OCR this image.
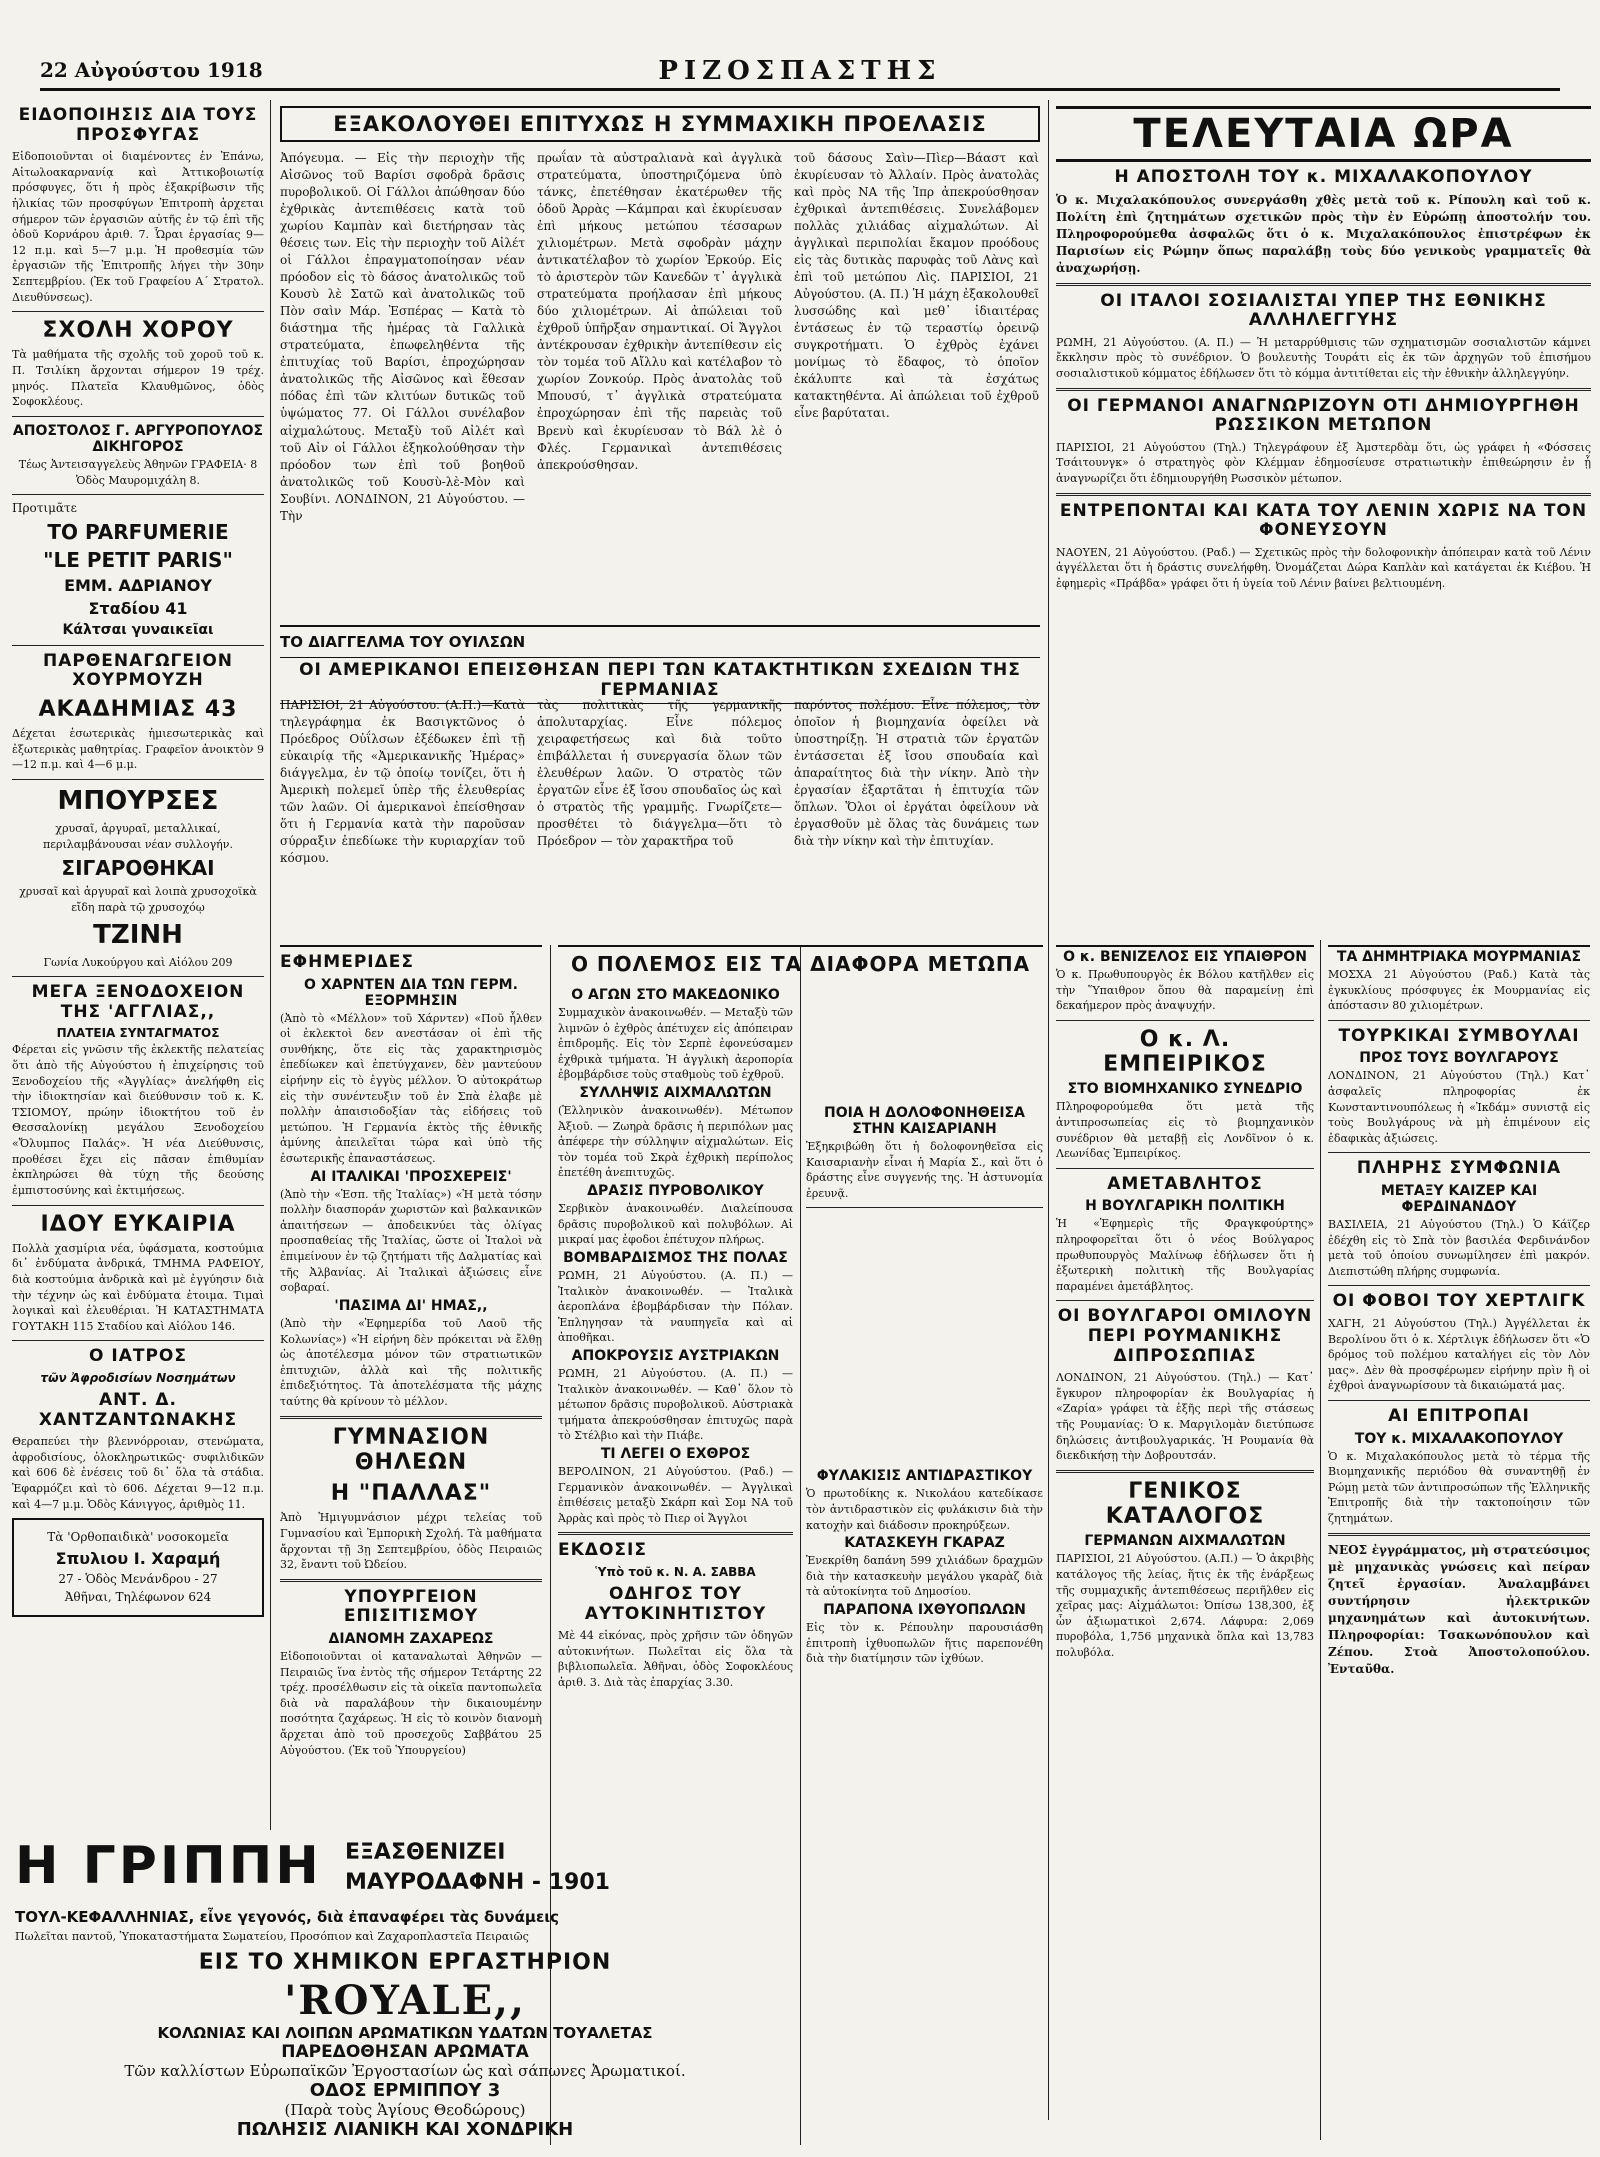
22 Αὐγούστου 1918	ΡΙΖΟΣΠΑΣΤΗΣ
ΕΙΔΟΠΟΙΗΣΙΣ ΔΙΑ ΤΟΥΣ ΠΡΟΣΦΥΓΑΣ

Εἰδοποιοῦνται οἱ διαμένοντες ἐν Ἐπάνω, Αἰτωλοακαρνανίᾳ καὶ Ἀττικοβοιωτίᾳ πρόσφυγες, ὅτι ἡ πρὸς ἐξακρίβωσιν τῆς ἡλικίας τῶν προσφύγων Ἐπιτροπὴ ἀρχεται σήμερον τῶν ἐργασιῶν αὐτῆς ἐν τῷ ἐπὶ τῆς ὁδοῦ Κορνάρου ἀριθ. 7. Ὧραι ἐργασίας 9—12 π.μ. καὶ 5—7 μ.μ. Ἡ προθεσμία τῶν ἐργασιῶν τῆς Ἐπιτροπῆς λήγει τὴν 30ην Σεπτεμβρίου. (Ἐκ τοῦ Γραφείου Α΄ Στρατολ. Διευθύνσεως).

ΣΧΟΛΗ ΧΟΡΟΥ

Τὰ μαθήματα τῆς σχολῆς τοῦ χοροῦ τοῦ κ. Π. Τσιλίκη ἄρχονται σήμερον 19 τρέχ. μηνός. Πλατεῖα Κλαυθμῶνος, ὁδὸς Σοφοκλέους.

ΑΠΟΣΤΟΛΟΣ Γ. ΑΡΓΥΡΟΠΟΥΛΟΣ ΔΙΚΗΓΟΡΟΣ

Τέως Ἀντεισαγγελεὺς Ἀθηνῶν ΓΡΑΦΕΙΑ· 8 Ὁδὸς Μαυρομιχάλη 8.

Προτιμᾶτε
ΤΟ PARFUMERIE
"LE PETIT PARIS"
ΕΜΜ. ΑΔΡΙΑΝΟΥ
Σταδίου 41
Κάλτσαι γυναικεῖαι
ΠΑΡΘΕΝΑΓΩΓΕΙΟΝ ΧΟΥΡΜΟΥΖΗ
ΑΚΑΔΗΜΙΑΣ 43

Δέχεται ἐσωτερικὰς ἡμιεσωτερικὰς καὶ ἐξωτερικὰς μαθητρίας. Γραφεῖον ἀνοικτὸν 9—12 π.μ. καὶ 4—6 μ.μ.

ΜΠΟΥΡΣΕΣ

χρυσαῖ, ἀργυραῖ, μεταλλικαί, περιλαμβάνουσαι νέαν συλλογήν.

ΣΙΓΑΡΟΘΗΚΑΙ

χρυσαῖ καὶ ἀργυραῖ καὶ λοιπὰ χρυσοχοϊκὰ εἴδη παρὰ τῷ χρυσοχόῳ

ΤΖΙΝΗ

Γωνία Λυκούργου καὶ Αἰόλου 209

ΜΕΓΑ ΞΕΝΟΔΟΧΕΙΟΝ ΤΗΣ 'ΑΓΓΛΙΑΣ,,
ΠΛΑΤΕΙΑ ΣΥΝΤΑΓΜΑΤΟΣ

Φέρεται εἰς γνῶσιν τῆς ἐκλεκτῆς πελατείας ὅτι ἀπὸ τῆς Αὐγούστου ἡ ἐπιχείρησις τοῦ Ξενοδοχείου τῆς «Ἀγγλίας» ἀνελήφθη εἰς τὴν ἰδιοκτησίαν καὶ διεύθυνσιν τοῦ κ. Κ. ΤΣΙΟΜΟΥ, πρώην ἰδιοκτήτου τοῦ ἐν Θεσσαλονίκῃ μεγάλου Ξενοδοχείου «Ὄλυμπος Παλάς». Ἡ νέα Διεύθυνσις, προθέσει ἔχει εἰς πᾶσαν ἐπιθυμίαν ἐκπληρώσει θὰ τύχη τῆς δεούσης ἐμπιστοσύνης καὶ ἐκτιμήσεως.

ΙΔΟΥ ΕΥΚΑΙΡΙΑ

Πολλὰ χασμίρια νέα, ὑφάσματα, κοστούμια δι᾽ ἐνδύματα ἀνδρικά, ΤΜΗΜΑ ΡΑΦΕΙΟΥ, διὰ κοστούμια ἀνδρικὰ καὶ μὲ ἐγγύησιν διὰ τὴν τέχνην ὡς καὶ ἐνδύματα ἐτοιμα. Τιμαὶ λογικαὶ καὶ ἐλευθέριαι. Ἡ ΚΑΤΑΣΤΗΜΑΤΑ ΓΟΥΤΑΚΗ 115 Σταδίου καὶ Αἰόλου 146.

Ο ΙΑΤΡΟΣ
τῶν Ἀφροδισίων Νοσημάτων
ΑΝΤ. Δ. ΧΑΝΤΖΑΝΤΩΝΑΚΗΣ

Θεραπεύει τὴν βλεννόρροιαν, στενώματα, ἀφροδισίους, ὁλοκληρωτικῶς· συφιλιδικῶν καὶ 606 δὲ ἐνέσεις τοῦ δι᾽ ὅλα τὰ στάδια. Ἐφαρμόζει καὶ τὸ 606. Δέχεται 9—12 π.μ. καὶ 4—7 μ.μ. Ὁδὸς Κάνιγγος, ἀριθμὸς 11.

Τὰ 'Ορθοπαιδικὰ' νοσοκομεῖα
Σπυλιου Ι. Χαραμή
27 - Ὁδὸς Μενάνδρου - 27
Ἀθῆναι, Τηλέφωνον 624
Η ΓΡΙΠΠΗ ΕΞΑΣΘΕΝΙΖΕΙ
ΜΑΥΡΟΔΑΦΝΗ - 1901
ΤΟΥΛ-ΚΕΦΑΛΛΗΝΙΑΣ, εἶνε γεγονός, διὰ ἐπαναφέρει τὰς δυνάμεις
Πωλεῖται παντοῦ, Ὑποκαταστήματα Σωματείου, Προσόπιον καὶ Ζαχαροπλαστεῖα Πειραιῶς
ΕΙΣ ΤΟ ΧΗΜΙΚΟΝ ΕΡΓΑΣΤΗΡΙΟΝ
'ROYALE,,
ΚΟΛΩΝΙΑΣ ΚΑΙ ΛΟΙΠΩΝ ΑΡΩΜΑΤΙΚΩΝ ΥΔΑΤΩΝ ΤΟΥΑΛΕΤΑΣ
ΠΑΡΕΔΟΘΗΣΑΝ ΑΡΩΜΑΤΑ
Τῶν καλλίστων Εὐρωπαϊκῶν Ἐργοστασίων ὡς καὶ σάπωνες Ἀρωματικοί.
ΟΔΟΣ ΕΡΜΙΠΠΟΥ 3
(Παρὰ τοὺς Ἁγίους Θεοδώρους)
ΠΩΛΗΣΙΣ ΛΙΑΝΙΚΗ ΚΑΙ ΧΟΝΔΡΙΚΗ
ΕΞΑΚΟΛΟΥΘΕΙ ΕΠΙΤΥΧΩΣ Η ΣΥΜΜΑΧΙΚΗ ΠΡΟΕΛΑΣΙΣ

Ἀπόγευμα. — Εἰς τὴν περιοχὴν τῆς Αἰσῶνος τοῦ Βαρίσι σφοδρὰ δρᾶσις πυροβολικοῦ. Οἱ Γάλλοι ἀπώθησαν δύο ἐχθρικὰς ἀντεπιθέσεις κατὰ τοῦ χωρίου Καμπὰν καὶ διετήρησαν τὰς θέσεις των. Εἰς τὴν περιοχὴν τοῦ Αἰλέτ οἱ Γάλλοι ἐπραγματοποίησαν νέαν πρόοδον εἰς τὸ δάσος ἀνατολικῶς τοῦ Κουσὺ λὲ Σατῶ καὶ ἀνατολικῶς τοῦ Πὸν σαὶν Μάρ. Ἐσπέρας — Κατὰ τὸ διάστημα τῆς ἡμέρας τὰ Γαλλικὰ στρατεύματα, ἐπωφεληθέντα τῆς ἐπιτυχίας τοῦ Βαρίσι, ἐπροχώρησαν ἀνατολικῶς τῆς Αἰσῶνος καὶ ἔθεσαν πόδας ἐπὶ τῶν κλιτύων δυτικῶς τοῦ ὑψώματος 77. Οἱ Γάλλοι συνέλαβον αἰχμαλώτους. Μεταξὺ τοῦ Αἰλέτ καὶ τοῦ Αἰν οἱ Γάλλοι ἐξηκολούθησαν τὴν πρόοδον των ἐπὶ τοῦ βοηθοῦ ἀνατολικῶς τοῦ Κουσὺ-λὲ-Μὸν καὶ Σουβίνι. ΛΟΝΔΙΝΟΝ, 21 Αὐγούστου. — Τὴν

πρωΐαν τὰ αὐστραλιανὰ καὶ ἀγγλικὰ στρατεύματα, ὑποστηριζόμενα ὑπὸ τάνκς, ἐπετέθησαν ἑκατέρωθεν τῆς ὁδοῦ Ἀρρὰς —Κάμπραι καὶ ἐκυρίευσαν ἐπὶ μήκους μετώπου τέσσαρων χιλιομέτρων. Μετὰ σφοδρὰν μάχην ἀντικατέλαβον τὸ χωρίον Ἐρκούρ. Εἰς τὸ ἀριστερὸν τῶν Κανεδῶν τ᾽ ἀγγλικὰ στρατεύματα προήλασαν ἐπὶ μήκους δύο χιλιομέτρων. Αἱ ἀπώλειαι τοῦ ἐχθροῦ ὑπῆρξαν σημαντικαί. Οἱ Ἄγγλοι ἀντέκρουσαν ἐχθρικὴν ἀντεπίθεσιν εἰς τὸν τομέα τοῦ Αἴλλυ καὶ κατέλαβον τὸ χωρίον Ζονκούρ. Πρὸς ἀνατολὰς τοῦ Μπουσύ, τ᾽ ἀγγλικὰ στρατεύματα ἐπροχώρησαν ἐπὶ τῆς παρειὰς τοῦ Βρενὺ καὶ ἐκυρίευσαν τὸ Βάλ λὲ ὁ Φλές. Γερμανικαὶ ἀντεπιθέσεις ἀπεκρούσθησαν.

τοῦ δάσους Σαὶν—Πὶερ—Βάαστ καὶ ἐκυρίευσαν τὸ Ἀλλαίν. Πρὸς ἀνατολὰς καὶ πρὸς ΝΑ τῆς Ἰπρ ἀπεκρούσθησαν ἐχθρικαὶ ἀντεπιθέσεις. Συνελάβομεν πολλὰς χιλιάδας αἰχμαλώτων. Αἱ ἀγγλικαὶ περιπολίαι ἔκαμον προόδους εἰς τὰς δυτικὰς παρυφὰς τοῦ Λὰνς καὶ ἐπὶ τοῦ μετώπου Λὶς. ΠΑΡΙΣΙΟΙ, 21 Αὐγούστου. (Α. Π.) Ἡ μάχη ἐξακολουθεῖ λυσσώδης καὶ μεθ᾽ ἰδιαιτέρας ἐντάσεως ἐν τῷ τεραστίῳ ὀρεινῷ συγκροτήματι. Ὁ ἐχθρὸς ἐχάνει μονίμως τὸ ἔδαφος, τὸ ὁποῖον ἐκάλυπτε καὶ τὰ ἐσχάτως κατακτηθέντα. Αἱ ἀπώλειαι τοῦ ἐχθροῦ εἶνε βαρύταται.

ΤΟ ΔΙΑΓΓΕΛΜΑ ΤΟΥ ΟΥΙΛΣΩΝ
ΟΙ ΑΜΕΡΙΚΑΝΟΙ ΕΠΕΙΣΘΗΣΑΝ ΠΕΡΙ ΤΩΝ ΚΑΤΑΚΤΗΤΙΚΩΝ ΣΧΕΔΙΩΝ ΤΗΣ ΓΕΡΜΑΝΙΑΣ

ΠΑΡΙΣΙΟΙ, 21 Αὐγούστου. (Α.Π.)—Κατὰ τηλεγράφημα ἐκ Βασιγκτῶνος ὁ Πρόεδρος Οὐΐλσων ἐξέδωκεν ἐπὶ τῇ εὐκαιρίᾳ τῆς «Ἀμερικανικῆς Ἡμέρας» διάγγελμα, ἐν τῷ ὁποίῳ τονίζει, ὅτι ἡ Ἀμερικὴ πολεμεῖ ὑπὲρ τῆς ἐλευθερίας τῶν λαῶν. Οἱ ἀμερικανοὶ ἐπείσθησαν ὅτι ἡ Γερμανία κατὰ τὴν παροῦσαν σύρραξιν ἐπεδίωκε τὴν κυριαρχίαν τοῦ κόσμου.

τὰς πολιτικὰς τῆς γερμανικῆς ἀπολυταρχίας. Εἶνε πόλεμος χειραφετήσεως καὶ διὰ τοῦτο ἐπιβάλλεται ἡ συνεργασία ὅλων τῶν ἐλευθέρων λαῶν. Ὁ στρατὸς τῶν ἐργατῶν εἶνε ἐξ ἴσου σπουδαῖος ὡς καὶ ὁ στρατὸς τῆς γραμμῆς. Γνωρίζετε—προσθέτει τὸ διάγγελμα—ὅτι τὸ Πρόεδρον — τὸν χαρακτῆρα τοῦ

παρόντος πολέμου. Εἶνε πόλεμος, τὸν ὁποῖον ἡ βιομηχανία ὀφείλει νὰ ὑποστηρίξῃ. Ἡ στρατιὰ τῶν ἐργατῶν ἐντάσσεται ἐξ ἴσου σπουδαία καὶ ἀπαραίτητος διὰ τὴν νίκην. Ἀπὸ τὴν ἐργασίαν ἐξαρτᾶται ἡ ἐπιτυχία τῶν ὅπλων. Ὅλοι οἱ ἐργάται ὀφείλουν νὰ ἐργασθοῦν μὲ ὅλας τὰς δυνάμεις των διὰ τὴν νίκην καὶ τὴν ἐπιτυχίαν.

ΕΦΗΜΕΡΙΔΕΣ
Ο ΧΑΡΝΤΕΝ ΔΙΑ ΤΩΝ ΓΕΡΜ. ΕΞΟΡΜΗΣΙΝ

(Ἀπὸ τὸ «Μέλλον» τοῦ Χάρντεν) «Ποῦ ἦλθεν οἱ ἐκλεκτοὶ δεν ανεστάσαν οἱ ἐπὶ τῆς συνθήκης, ὅτε εἰς τὰς χαρακτηρισμὸς ἐπεδίωκεν καὶ ἐπετύγχανεν, δὲν μαντεύουν εἰρήνην εἰς τὸ ἐγγὺς μέλλον. Ὁ αὐτοκράτωρ εἰς τὴν συνέντευξιν τοῦ ἐν Σπὰ ἐλαβε μὲ πολλὴν ἀπαισιοδοξίαν τὰς εἰδήσεις τοῦ μετώπου. Ἡ Γερμανία ἐκτὸς τῆς ἐθνικῆς ἀμύνης ἀπειλεῖται τώρα καὶ ὑπὸ τῆς ἐσωτερικῆς ἐπαναστάσεως.

ΑΙ ΙΤΑΛΙΚΑΙ 'ΠΡΟΣΧΕΡΕΙΣ'

(Ἀπὸ τὴν «Ἑσπ. τῆς Ἰταλίας») «Ἡ μετὰ τόσην πολλὴν διασποράν χωριστῶν καὶ βαλκανικῶν ἀπαιτήσεων — ἀποδεικνύει τὰς ὀλίγας προσπαθείας τῆς Ἰταλίας, ὥστε οἱ Ἰταλοὶ νὰ ἐπιμείνουν ἐν τῷ ζητήματι τῆς Δαλματίας καὶ τῆς Ἀλβανίας. Αἱ Ἰταλικαὶ ἀξιώσεις εἶνε σοβαραί.

'ΠΑΣΙΜΑ ΔΙ' ΗΜΑΣ,,

(Ἀπὸ τὴν «Ἐφημερίδα τοῦ Λαοῦ τῆς Κολωνίας») «Ἡ εἰρήνη δὲν πρόκειται νὰ ἔλθῃ ὡς ἀποτέλεσμα μόνον τῶν στρατιωτικῶν ἐπιτυχιῶν, ἀλλὰ καὶ τῆς πολιτικῆς ἐπιδεξιότητος. Τὰ ἀποτελέσματα τῆς μάχης ταύτης θὰ κρίνουν τὸ μέλλον.

ΓΥΜΝΑΣΙΟΝ ΘΗΛΕΩΝ
Η "ΠΑΛΛΑΣ"

Ἀπὸ Ἡμιγυμνάσιον μέχρι τελείας τοῦ Γυμνασίου καὶ Ἐμπορικὴ Σχολή. Τὰ μαθήματα ἄρχονται τῇ 3ῃ Σεπτεμβρίου, ὁδὸς Πειραιῶς 32, ἔναντι τοῦ Ὠδείου.

ΥΠΟΥΡΓΕΙΟΝ ΕΠΙΣΙΤΙΣΜΟΥ
ΔΙΑΝΟΜΗ ΖΑΧΑΡΕΩΣ

Εἰδοποιοῦνται οἱ καταναλωταὶ Ἀθηνῶν — Πειραιῶς ἵνα ἐντὸς τῆς σήμερον Τετάρτης 22 τρέχ. προσέλθωσιν εἰς τὰ οἰκεῖα παντοπωλεῖα διὰ νὰ παραλάβουν τὴν δικαιουμένην ποσότητα ζαχάρεως. Ἡ εἰς τὸ κοινὸν διανομὴ ἄρχεται ἀπὸ τοῦ προσεχοῦς Σαββάτου 25 Αὐγούστου. (Ἐκ τοῦ Ὑπουργείου)

Ο ΠΟΛΕΜΟΣ ΕΙΣ ΤΑ ΔΙΑΦΟΡΑ ΜΕΤΩΠΑ
Ο ΑΓΩΝ ΣΤΟ ΜΑΚΕΔΟΝΙΚΟ

Συμμαχικὸν ἀνακοινωθέν. — Μεταξὺ τῶν λιμνῶν ὁ ἐχθρὸς ἀπέτυχεν εἰς ἀπόπειραν ἐπιδρομῆς. Εἰς τὸν Σερπὲ ἐφονεύσαμεν ἐχθρικὰ τμήματα. Ἡ ἀγγλικὴ ἀεροπορία ἐβομβάρδισε τοὺς σταθμοὺς τοῦ ἐχθροῦ.

ΣΥΛΛΗΨΙΣ ΑΙΧΜΑΛΩΤΩΝ

(Ἑλληνικὸν ἀνακοινωθέν). Μέτωπον Ἀξιοῦ. — Ζωηρὰ δρᾶσις ἡ περιπόλων μας ἀπέφερε τὴν σύλληψιν αἰχμαλώτων. Εἰς τὸν τομέα τοῦ Σκρὰ ἐχθρικὴ περίπολος ἐπετέθη ἀνεπιτυχῶς.

ΔΡΑΣΙΣ ΠΥΡΟΒΟΛΙΚΟΥ

Σερβικὸν ἀνακοινωθέν. Διαλείπουσα δρᾶσις πυροβολικοῦ καὶ πολυβόλων. Αἱ μικραί μας ἐφοδοι ἐπέτυχον πλήρως.

ΒΟΜΒΑΡΔΙΣΜΟΣ ΤΗΣ ΠΟΛΑΣ

ΡΩΜΗ, 21 Αὐγούστου. (Α. Π.) — Ἰταλικὸν ἀνακοινωθέν. — Ἰταλικὰ ἀεροπλάνα ἐβομβάρδισαν τὴν Πόλαν. Ἐπληγησαν τὰ ναυπηγεῖα καὶ αἱ ἀποθῆκαι.

ΑΠΟΚΡΟΥΣΙΣ ΑΥΣΤΡΙΑΚΩΝ

ΡΩΜΗ, 21 Αὐγούστου. (Α. Π.) — Ἰταλικὸν ἀνακοινωθέν. — Καθ᾽ ὅλον τὸ μέτωπον δρᾶσις πυροβολικοῦ. Αὐστριακὰ τμήματα ἀπεκρούσθησαν ἐπιτυχῶς παρὰ τὸ Στέλβιο καὶ τὴν Πιάβε.

ΤΙ ΛΕΓΕΙ Ο ΕΧΘΡΟΣ

ΒΕΡΟΛΙΝΟΝ, 21 Αὐγούστου. (Ραδ.) — Γερμανικὸν ἀνακοινωθέν. — Ἀγγλικαὶ ἐπιθέσεις μεταξὺ Σκάρπ καὶ Σομ ΝΑ τοῦ Ἀρρὰς καὶ πρὸς τὸ Πιερ οἱ Ἄγγλοι

ΕΚΔΟΣΙΣ
Ὑπὸ τοῦ κ. Ν. Α. ΣΑΒΒΑ
ΟΔΗΓΟΣ ΤΟΥ ΑΥΤΟΚΙΝΗΤΙΣΤΟΥ

Μὲ 44 εἰκόνας, πρὸς χρῆσιν τῶν ὁδηγῶν αὐτοκινήτων. Πωλεῖται εἰς ὅλα τὰ βιβλιοπωλεῖα. Ἀθῆναι, ὁδὸς Σοφοκλέους ἀριθ. 3. Διὰ τὰς ἐπαρχίας 3.30.

ΠΟΙΑ Η ΔΟΛΟΦΟΝΗΘΕΙΣΑ ΣΤΗΝ ΚΑΙΣΑΡΙΑΝΗ

Ἐξηκριβώθη ὅτι ἡ δολοφονηθεῖσα εἰς Καισαριανὴν εἶναι ἡ Μαρία Σ., καὶ ὅτι ὁ δράστης εἶνε συγγενής της. Ἡ ἀστυνομία ἐρευνᾷ.

ΦΥΛΑΚΙΣΙΣ ΑΝΤΙΔΡΑΣΤΙΚΟΥ

Ὁ πρωτοδίκης κ. Νικολάου κατεδίκασε τὸν ἀντιδραστικὸν εἰς φυλάκισιν διὰ τὴν κατοχὴν καὶ διάδοσιν προκηρύξεων.

ΚΑΤΑΣΚΕΥΗ ΓΚΑΡΑΖ

Ἐνεκρίθη δαπάνη 599 χιλιάδων δραχμῶν διὰ τὴν κατασκευὴν μεγάλου γκαρὰζ διὰ τὰ αὐτοκίνητα τοῦ Δημοσίου.

ΠΑΡΑΠΟΝΑ ΙΧΘΥΟΠΩΛΩΝ

Εἰς τὸν κ. Ρέπουλην παρουσιάσθη ἐπιτροπὴ ἰχθυοπωλῶν ἥτις παρεπονέθη διὰ τὴν διατίμησιν τῶν ἰχθύων.

ΤΕΛΕΥΤΑΙΑ ΩΡΑ
Η ΑΠΟΣΤΟΛΗ ΤΟΥ κ. ΜΙΧΑΛΑΚΟΠΟΥΛΟΥ

Ὁ κ. Μιχαλακόπουλος συνεργάσθη χθὲς μετὰ τοῦ κ. Ρίπουλη καὶ τοῦ κ. Πολίτη ἐπὶ ζητημάτων σχετικῶν πρὸς τὴν ἐν Εὐρώπῃ ἀποστολήν του. Πληροφορούμεθα ἀσφαλῶς ὅτι ὁ κ. Μιχαλακόπουλος ἐπιστρέφων ἐκ Παρισίων εἰς Ρώμην ὅπως παραλάβῃ τοὺς δύο γενικοὺς γραμματεῖς θὰ ἀναχωρήσῃ.

ΟΙ ΙΤΑΛΟΙ ΣΟΣΙΑΛΙΣΤΑΙ ΥΠΕΡ ΤΗΣ ΕΘΝΙΚΗΣ ΑΛΛΗΛΕΓΓΥΗΣ

ΡΩΜΗ, 21 Αὐγούστου. (Α. Π.) — Ἡ μεταρρύθμισις τῶν σχηματισμῶν σοσιαλιστῶν κάμνει ἔκκλησιν πρὸς τὸ συνέδριον. Ὁ βουλευτὴς Τουράτι εἰς ἐκ τῶν ἀρχηγῶν τοῦ ἐπισήμου σοσιαλιστικοῦ κόμματος ἐδήλωσεν ὅτι τὸ κόμμα ἀντιτίθεται εἰς τὴν ἐθνικὴν ἀλληλεγγύην.

ΟΙ ΓΕΡΜΑΝΟΙ ΑΝΑΓΝΩΡΙΖΟΥΝ ΟΤΙ ΔΗΜΙΟΥΡΓΗΘΗ ΡΩΣΣΙΚΟΝ ΜΕΤΩΠΟΝ

ΠΑΡΙΣΙΟΙ, 21 Αὐγούστου (Τηλ.) Τηλεγράφουν ἐξ Ἀμστερδὰμ ὅτι, ὡς γράφει ἡ «Φόσσεις Τσάιτουνγκ» ὁ στρατηγὸς φὸν Κλέμμαν ἐδημοσίευσε στρατιωτικὴν ἐπιθεώρησιν ἐν ᾗ ἀναγνωρίζει ὅτι ἐδημιουργήθη Ρωσσικὸν μέτωπον.

ΕΝΤΡΕΠΟΝΤΑΙ ΚΑΙ ΚΑΤΑ ΤΟΥ ΛΕΝΙΝ ΧΩΡΙΣ ΝΑ ΤΟΝ ΦΟΝΕΥΣΟΥΝ

ΝΑΟΥΕΝ, 21 Αὐγούστου. (Ραδ.) — Σχετικῶς πρὸς τὴν δολοφονικὴν ἀπόπειραν κατὰ τοῦ Λένιν ἀγγέλλεται ὅτι ἡ δράστις συνελήφθη. Ὀνομάζεται Δώρα Καπλὰν καὶ κατάγεται ἐκ Κιέβου. Ἡ ἐφημερὶς «Πράβδα» γράφει ὅτι ἡ ὑγεία τοῦ Λένιν βαίνει βελτιουμένη.

Ο κ. ΒΕΝΙΖΕΛΟΣ ΕΙΣ ΥΠΑΙΘΡΟΝ

Ὁ κ. Πρωθυπουργὸς ἐκ Βόλου κατῆλθεν εἰς τὴν Ὕπαιθρον ὅπου θὰ παραμείνῃ ἐπὶ δεκαήμερον πρὸς ἀναψυχήν.

Ο κ. Λ. ΕΜΠΕΙΡΙΚΟΣ
ΣΤΟ ΒΙΟΜΗΧΑΝΙΚΟ ΣΥΝΕΔΡΙΟ

Πληροφορούμεθα ὅτι μετὰ τῆς ἀντιπροσωπείας εἰς τὸ βιομηχανικὸν συνέδριον θὰ μεταβῇ εἰς Λονδῖνον ὁ κ. Λεωνίδας Ἐμπειρίκος.

ΑΜΕΤΑΒΛΗΤΟΣ
Η ΒΟΥΛΓΑΡΙΚΗ ΠΟΛΙΤΙΚΗ

Ἡ «Ἐφημερὶς τῆς Φραγκφούρτης» πληροφορεῖται ὅτι ὁ νέος Βούλγαρος πρωθυπουργὸς Μαλίνωφ ἐδήλωσεν ὅτι ἡ ἐξωτερικὴ πολιτικὴ τῆς Βουλγαρίας παραμένει ἀμετάβλητος.

ΟΙ ΒΟΥΛΓΑΡΟΙ ΟΜΙΛΟΥΝ ΠΕΡΙ ΡΟΥΜΑΝΙΚΗΣ ΔΙΠΡΟΣΩΠΙΑΣ

ΛΟΝΔΙΝΟΝ, 21 Αὐγούστου. (Τηλ.) — Κατ᾽ ἔγκυρον πληροφορίαν ἐκ Βουλγαρίας ἡ «Ζαρία» γράφει τὰ ἑξῆς περὶ τῆς στάσεως τῆς Ρουμανίας: Ὁ κ. Μαργιλομὰν διετύπωσε δηλώσεις ἀντιβουλγαρικάς. Ἡ Ρουμανία θὰ διεκδικήσῃ τὴν Δοβρουτσάν.

ΓΕΝΙΚΟΣ ΚΑΤΑΛΟΓΟΣ
ΓΕΡΜΑΝΩΝ ΑΙΧΜΑΛΩΤΩΝ

ΠΑΡΙΣΙΟΙ, 21 Αὐγούστου. (Α.Π.) — Ὁ ἀκριβὴς κατάλογος τῆς λείας, ἥτις ἐκ τῆς ἐνάρξεως τῆς συμμαχικῆς ἀντεπιθέσεως περιῆλθεν εἰς χεῖρας μας: Αἰχμάλωτοι: Ὀπίσω 138,300, ἐξ ὧν ἀξιωματικοὶ 2,674. Λάφυρα: 2,069 πυροβόλα, 1,756 μηχανικὰ ὅπλα καὶ 13,783 πολυβόλα.

ΤΑ ΔΗΜΗΤΡΙΑΚΑ ΜΟΥΡΜΑΝΙΑΣ

ΜΟΣΧΑ 21 Αὐγούστου (Ραδ.) Κατὰ τὰς ἐγκυκλίους πρόσφυγες ἐκ Μουρμανίας εἰς ἀπόστασιν 80 χιλιομέτρων.

ΤΟΥΡΚΙΚΑΙ ΣΥΜΒΟΥΛΑΙ
ΠΡΟΣ ΤΟΥΣ ΒΟΥΛΓΑΡΟΥΣ

ΛΟΝΔΙΝΟΝ, 21 Αὐγούστου (Τηλ.) Κατ᾽ ἀσφαλεῖς πληροφορίας ἐκ Κωνσταντινουπόλεως ἡ «Ἰκδάμ» συνιστᾷ εἰς τοὺς Βουλγάρους νὰ μὴ ἐπιμένουν εἰς ἐδαφικὰς ἀξιώσεις.

ΠΛΗΡΗΣ ΣΥΜΦΩΝΙΑ
ΜΕΤΑΞΥ ΚΑΙΖΕΡ ΚΑΙ ΦΕΡΔΙΝΑΝΔΟΥ

ΒΑΣΙΛΕΙΑ, 21 Αὐγούστου (Τηλ.) Ὁ Κάϊζερ ἐδέχθη εἰς τὸ Σπὰ τὸν βασιλέα Φερδινάνδον μετὰ τοῦ ὁποίου συνωμίλησεν ἐπὶ μακρόν. Διεπιστώθη πλήρης συμφωνία.

ΟΙ ΦΟΒΟΙ ΤΟΥ ΧΕΡΤΛΙΓΚ

ΧΑΓΗ, 21 Αὐγούστου (Τηλ.) Ἀγγέλλεται ἐκ Βερολίνου ὅτι ὁ κ. Χέρτλιγκ ἐδήλωσεν ὅτι «Ὁ δρόμος τοῦ πολέμου καταλήγει εἰς τὸν Λὸν μας». Δὲν θὰ προσφέρωμεν εἰρήνην πρὶν ἢ οἱ ἐχθροὶ ἀναγνωρίσουν τὰ δικαιώματά μας.

ΑΙ ΕΠΙΤΡΟΠΑΙ
ΤΟΥ κ. ΜΙΧΑΛΑΚΟΠΟΥΛΟΥ

Ὁ κ. Μιχαλακόπουλος μετὰ τὸ τέρμα τῆς Βιομηχανικῆς περιόδου θὰ συναντηθῇ ἐν Ρώμῃ μετὰ τῶν ἀντιπροσώπων τῆς Ἑλληνικῆς Ἐπιτροπῆς διὰ τὴν τακτοποίησιν τῶν ζητημάτων.

ΝΕΟΣ ἐγγράμματος, μὴ στρατεύσιμος μὲ μηχανικὰς γνώσεις καὶ πείραν ζητεῖ ἐργασίαν. Ἀναλαμβάνει συντήρησιν ἠλεκτρικῶν μηχανημάτων καὶ ἀυτοκινήτων. Πληροφορίαι: Τσακωνόπουλον καὶ Ζέπου. Στοὰ Ἀποστολοπούλου. Ἐνταῦθα.
